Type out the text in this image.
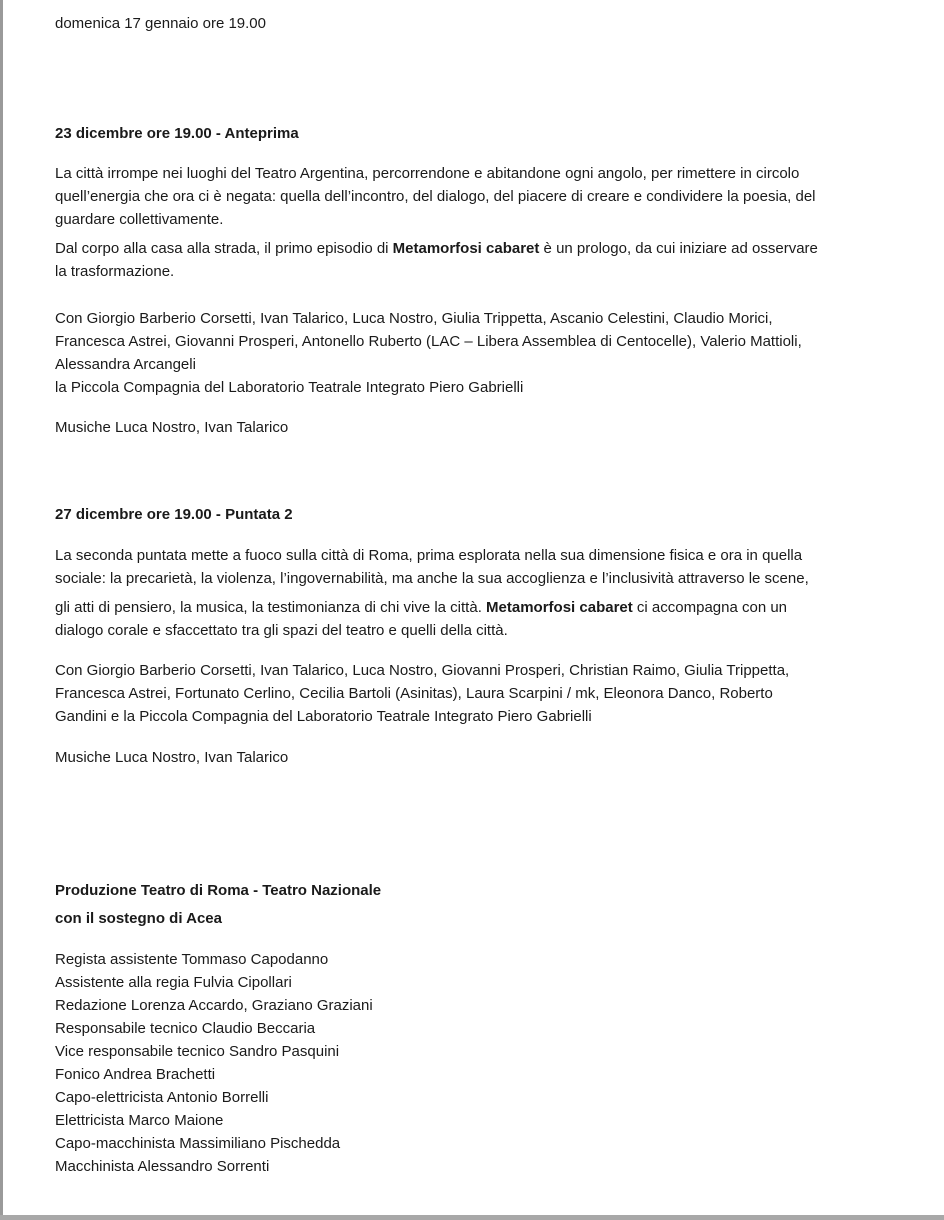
domenica 17 gennaio ore 19.00
23 dicembre ore 19.00 - Anteprima
La città irrompe nei luoghi del Teatro Argentina, percorrendone e abitandone ogni angolo, per rimettere in circolo
quell’energia che ora ci è negata: quella dell’incontro, del dialogo, del piacere di creare e condividere la poesia, del
guardare collettivamente.
Dal corpo alla casa alla strada, il primo episodio di Metamorfosi cabaret è un prologo, da cui iniziare ad osservare
la trasformazione.
Con Giorgio Barberio Corsetti, Ivan Talarico, Luca Nostro, Giulia Trippetta, Ascanio Celestini, Claudio Morici,
Francesca Astrei, Giovanni Prosperi, Antonello Ruberto (LAC – Libera Assemblea di Centocelle), Valerio Mattioli,
Alessandra Arcangeli
la Piccola Compagnia del Laboratorio Teatrale Integrato Piero Gabrielli
Musiche Luca Nostro, Ivan Talarico
27 dicembre ore 19.00 - Puntata 2
La seconda puntata mette a fuoco sulla città di Roma, prima esplorata nella sua dimensione fisica e ora in quella
sociale: la precarietà, la violenza, l’ingovernabilità, ma anche la sua accoglienza e l’inclusività attraverso le scene,
gli atti di pensiero, la musica, la testimonianza di chi vive la città. Metamorfosi cabaret ci accompagna con un
dialogo corale e sfaccettato tra gli spazi del teatro e quelli della città.
Con Giorgio Barberio Corsetti, Ivan Talarico, Luca Nostro, Giovanni Prosperi, Christian Raimo, Giulia Trippetta,
Francesca Astrei, Fortunato Cerlino, Cecilia Bartoli (Asinitas), Laura Scarpini / mk, Eleonora Danco, Roberto
Gandini e la Piccola Compagnia del Laboratorio Teatrale Integrato Piero Gabrielli
Musiche Luca Nostro, Ivan Talarico
Produzione Teatro di Roma - Teatro Nazionale
con il sostegno di Acea
Regista assistente Tommaso Capodanno
Assistente alla regia Fulvia Cipollari
Redazione Lorenza Accardo, Graziano Graziani
Responsabile tecnico Claudio Beccaria
Vice responsabile tecnico Sandro Pasquini
Fonico Andrea Brachetti
Capo-elettricista Antonio Borrelli
Elettricista Marco Maione
Capo-macchinista Massimiliano Pischedda
Macchinista Alessandro Sorrenti
